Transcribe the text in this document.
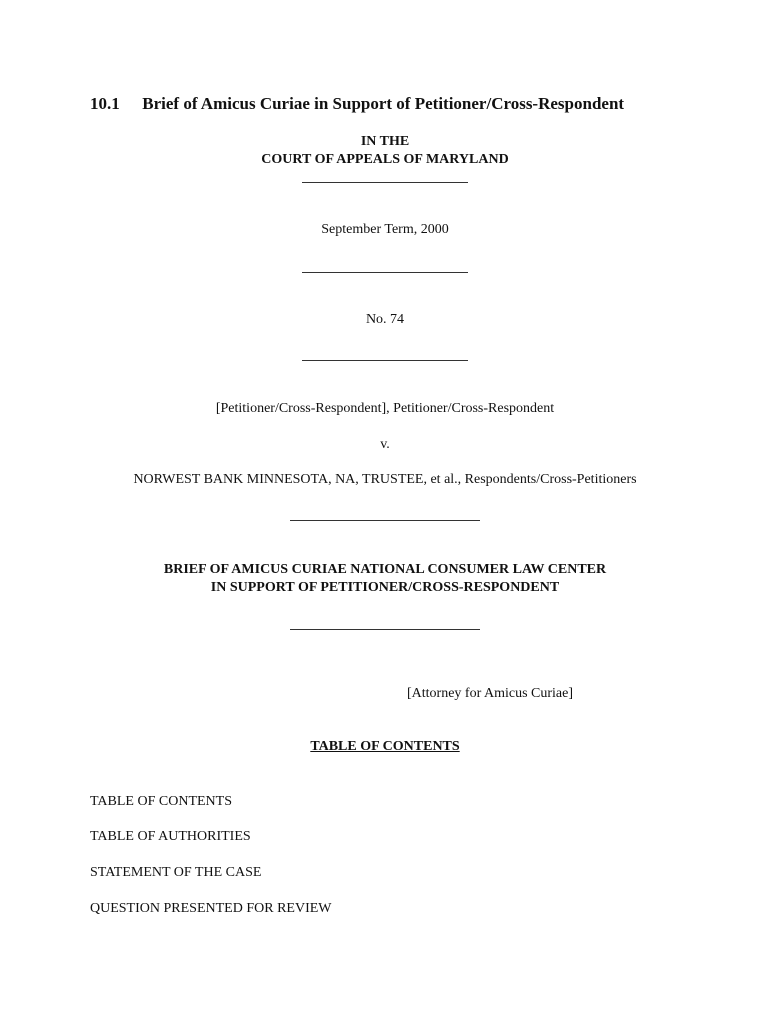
10.1 Brief of Amicus Curiae in Support of Petitioner/Cross-Respondent
IN THE
COURT OF APPEALS OF MARYLAND
September Term, 2000
No. 74
[Petitioner/Cross-Respondent], Petitioner/Cross-Respondent
v.
NORWEST BANK MINNESOTA, NA, TRUSTEE, et al., Respondents/Cross-Petitioners
BRIEF OF AMICUS CURIAE NATIONAL CONSUMER LAW CENTER
IN SUPPORT OF PETITIONER/CROSS-RESPONDENT
[Attorney for Amicus Curiae]
TABLE OF CONTENTS
TABLE OF CONTENTS
TABLE OF AUTHORITIES
STATEMENT OF THE CASE
QUESTION PRESENTED FOR REVIEW
